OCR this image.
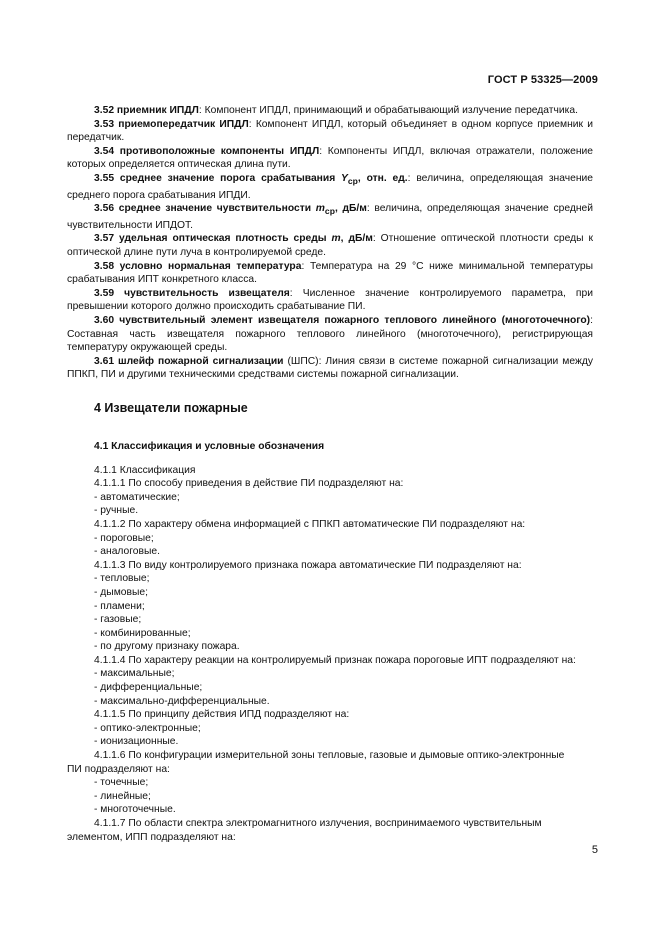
ГОСТ Р 53325—2009

3.52 приемник ИПДЛ: Компонент ИПДЛ, принимающий и обрабатывающий излучение передатчика.

3.53 приемопередатчик ИПДЛ: Компонент ИПДЛ, который объединяет в одном корпусе приемник и передатчик.

3.54 противоположные компоненты ИПДЛ: Компоненты ИПДЛ, включая отражатели, положение которых определяется оптическая длина пути.

3.55 среднее значение порога срабатывания $Y_{ср}$, отн. ед.: величина, определяющая значение среднего порога срабатывания ИПДИ.

3.56 среднее значение чувствительности $m_{ср}$, дБ/м: величина, определяющая значение средней чувствительности ИПДОТ.

3.57 удельная оптическая плотность среды m, дБ/м: Отношение оптической плотности среды к оптической длине пути луча в контролируемой среде.

3.58 условно нормальная температура: Температура на 29 °C ниже минимальной температуры срабатывания ИПТ конкретного класса.

3.59 чувствительность извещателя: Численное значение контролируемого параметра, при превышении которого должно происходить срабатывание ПИ.

3.60 чувствительный элемент извещателя пожарного теплового линейного (многоточечного): Составная часть извещателя пожарного теплового линейного (многоточечного), регистрирующая температуру окружающей среды.

3.61 шлейф пожарной сигнализации (ШПС): Линия связи в системе пожарной сигнализации между ППКП, ПИ и другими техническими средствами системы пожарной сигнализации.

4 Извещатели пожарные
4.1 Классификация и условные обозначения

4.1.1 Классификация

4.1.1.1 По способу приведения в действие ПИ подразделяют на:

- автоматические;

- ручные.

4.1.1.2 По характеру обмена информацией с ППКП автоматические ПИ подразделяют на:

- пороговые;

- аналоговые.

4.1.1.3 По виду контролируемого признака пожара автоматические ПИ подразделяют на:

- тепловые;

- дымовые;

- пламени;

- газовые;

- комбинированные;

- по другому признаку пожара.

4.1.1.4 По характеру реакции на контролируемый признак пожара пороговые ИПТ подразделяют на:

- максимальные;

- дифференциальные;

- максимально-дифференциальные.

4.1.1.5 По принципу действия ИПД подразделяют на:

- оптико-электронные;

- ионизационные.

4.1.1.6 По конфигурации измерительной зоны тепловые, газовые и дымовые оптико-электронные

ПИ подразделяют на:

- точечные;

- линейные;

- многоточечные.

4.1.1.7 По области спектра электромагнитного излучения, воспринимаемого чувствительным

элементом, ИПП подразделяют на:

5
